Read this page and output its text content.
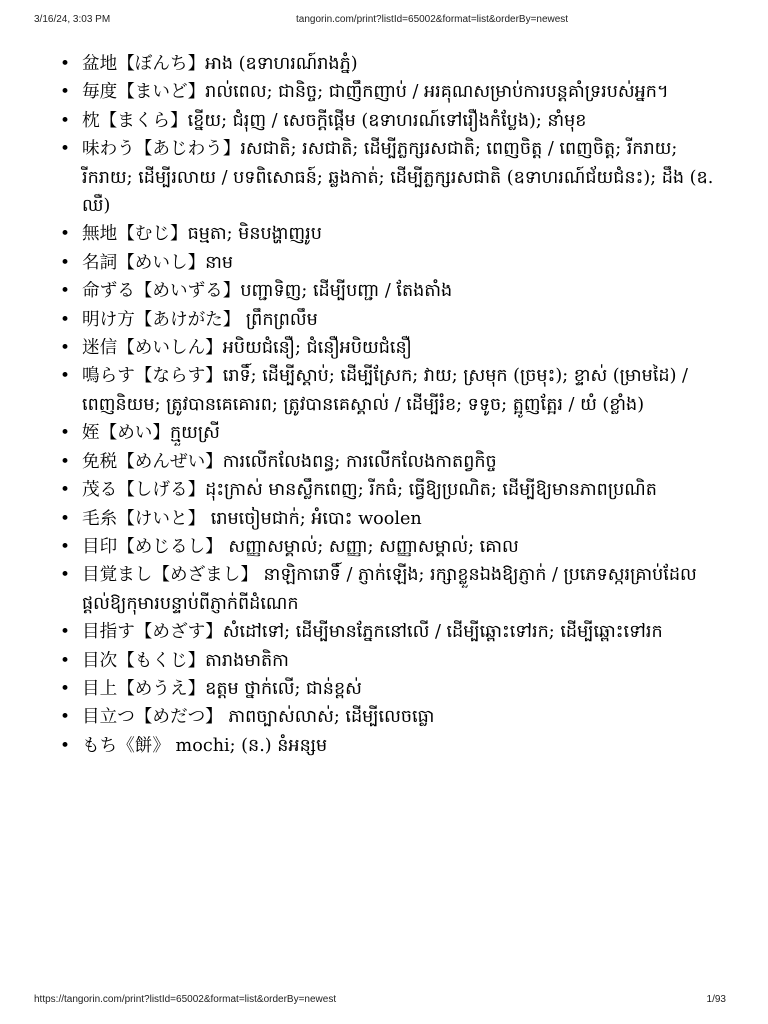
3/16/24, 3:03 PM	tangorin.com/print?listId=65002&format=list&orderBy=newest
• 盆地【ぼんち】អាង (ឧទាហរណ៍រាងភ្នំ)
• 毎度【まいど】រាល់ពេល; ជានិច្ច; ជាញឹកញាប់ / អរគុណសម្រាប់ការបន្តគាំទ្ររបស់អ្នក។
• 枕【まくら】ខ្នើយ; ជំរុញ / សេចក្តីផ្តើម (ឧទាហរណ៍ទៅរឿងកំប្លែង); នាំមុខ
• 味わう【あじわう】រសជាតិ; រសជាតិ; ដើម្បីភ្លក្សរសជាតិ; ពេញចិត្ត / ពេញចិត្ត; រីករាយ; រីករាយ; ដើម្បីរលាយ / បទពិសោធន៍; ឆ្លងកាត់; ដើម្បីភ្លក្សរសជាតិ (ឧទាហរណ៍ជ័យជំនះ); ដឹង (ឧ. ឈឺ)
• 無地【むじ】ធម្មតា; មិនបង្ហាញរូប
• 名詞【めいし】នាម
• 命ずる【めいずる】បញ្ជាទិញ; ដើម្បីបញ្ជា / តែងតាំង
• 明け方【あけがた】 ព្រឹកព្រលឹម
• 迷信【めいしん】អបិយជំនឿ; ជំនឿអបិយជំនឿ
• 鳴らす【ならす】រោទិ៍; ដើម្បីស្តាប់; ដើម្បីស្រែក; វាយ; ស្រមុក (ច្រមុះ); ខ្ទាស់ (ម្រាមដៃ) / ពេញនិយម; ត្រូវបានគេគោរព; ត្រូវបានគេស្គាល់ / ដើម្បីរំខ; ទទូច; ត្អូញត្អែរ / យំ (ខ្លាំង)
• 姪【めい】ក្មួយស្រី
• 免税【めんぜい】ការលើកលែងពន្ធ; ការលើកលែងកាតព្វកិច្ច
• 茂る【しげる】ដុះក្រាស់ មានស្លឹកពេញ; រីកធំ; ធ្វើឱ្យប្រណិត; ដើម្បីឱ្យមានភាពប្រណិត
• 毛糸【けいと】 រោមចៀមជាក់; អំបោះ woolen
• 目印【めじるし】 សញ្ញាសម្គាល់; សញ្ញា; សញ្ញាសម្គាល់; គោល
• 目覚まし【めざまし】 នាឡិការោទិ៍ / ភ្ញាក់ឡើង; រក្សាខ្លួនឯងឱ្យភ្ញាក់ / ប្រភេទស្ករគ្រាប់ដែលផ្តល់ឱ្យកុមារបន្ទាប់ពីភ្ញាក់ពីដំណេក
• 目指す【めざす】សំដៅទៅ; ដើម្បីមានភ្នែកនៅលើ / ដើម្បីឆ្ពោះទៅរក; ដើម្បីឆ្ពោះទៅរក
• 目次【もくじ】តារាងមាតិកា
• 目上【めうえ】ឧត្តម ថ្នាក់លើ; ជាន់ខ្ពស់
• 目立つ【めだつ】 ភាពច្បាស់លាស់; ដើម្បីលេចធ្លោ
• もち《餅》 mochi; (ន.) នំអន្សម
https://tangorin.com/print?listId=65002&format=list&orderBy=newest	1/93
